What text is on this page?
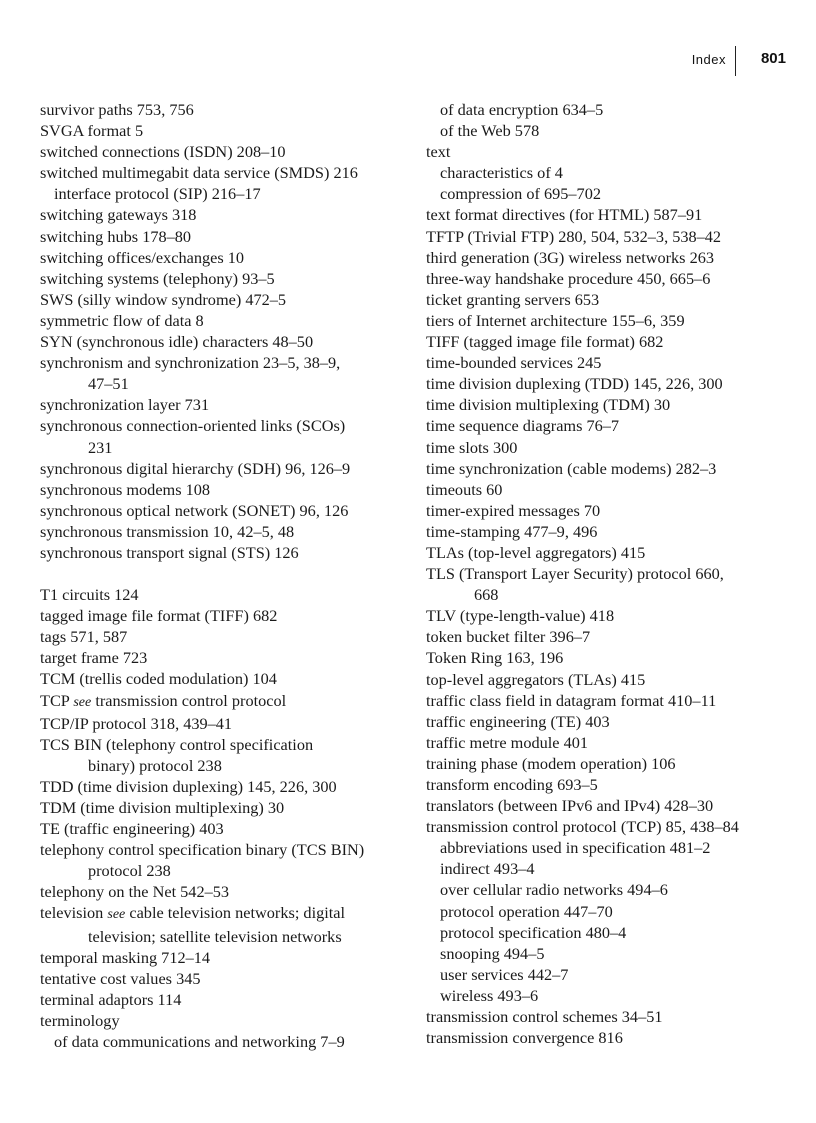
Index 801
survivor paths 753, 756
SVGA format 5
switched connections (ISDN) 208–10
switched multimegabit data service (SMDS) 216
interface protocol (SIP) 216–17
switching gateways 318
switching hubs 178–80
switching offices/exchanges 10
switching systems (telephony) 93–5
SWS (silly window syndrome) 472–5
symmetric flow of data 8
SYN (synchronous idle) characters 48–50
synchronism and synchronization 23–5, 38–9,
47–51
synchronization layer 731
synchronous connection-oriented links (SCOs)
231
synchronous digital hierarchy (SDH) 96, 126–9
synchronous modems 108
synchronous optical network (SONET) 96, 126
synchronous transmission 10, 42–5, 48
synchronous transport signal (STS) 126
T1 circuits 124
tagged image file format (TIFF) 682
tags 571, 587
target frame 723
TCM (trellis coded modulation) 104
TCP see transmission control protocol
TCP/IP protocol 318, 439–41
TCS BIN (telephony control specification
binary) protocol 238
TDD (time division duplexing) 145, 226, 300
TDM (time division multiplexing) 30
TE (traffic engineering) 403
telephony control specification binary (TCS BIN)
protocol 238
telephony on the Net 542–53
television see cable television networks; digital
television; satellite television networks
temporal masking 712–14
tentative cost values 345
terminal adaptors 114
terminology
of data communications and networking 7–9
of data encryption 634–5
of the Web 578
text
characteristics of 4
compression of 695–702
text format directives (for HTML) 587–91
TFTP (Trivial FTP) 280, 504, 532–3, 538–42
third generation (3G) wireless networks 263
three-way handshake procedure 450, 665–6
ticket granting servers 653
tiers of Internet architecture 155–6, 359
TIFF (tagged image file format) 682
time-bounded services 245
time division duplexing (TDD) 145, 226, 300
time division multiplexing (TDM) 30
time sequence diagrams 76–7
time slots 300
time synchronization (cable modems) 282–3
timeouts 60
timer-expired messages 70
time-stamping 477–9, 496
TLAs (top-level aggregators) 415
TLS (Transport Layer Security) protocol 660,
668
TLV (type-length-value) 418
token bucket filter 396–7
Token Ring 163, 196
top-level aggregators (TLAs) 415
traffic class field in datagram format 410–11
traffic engineering (TE) 403
traffic metre module 401
training phase (modem operation) 106
transform encoding 693–5
translators (between IPv6 and IPv4) 428–30
transmission control protocol (TCP) 85, 438–84
abbreviations used in specification 481–2
indirect 493–4
over cellular radio networks 494–6
protocol operation 447–70
protocol specification 480–4
snooping 494–5
user services 442–7
wireless 493–6
transmission control schemes 34–51
transmission convergence 816
